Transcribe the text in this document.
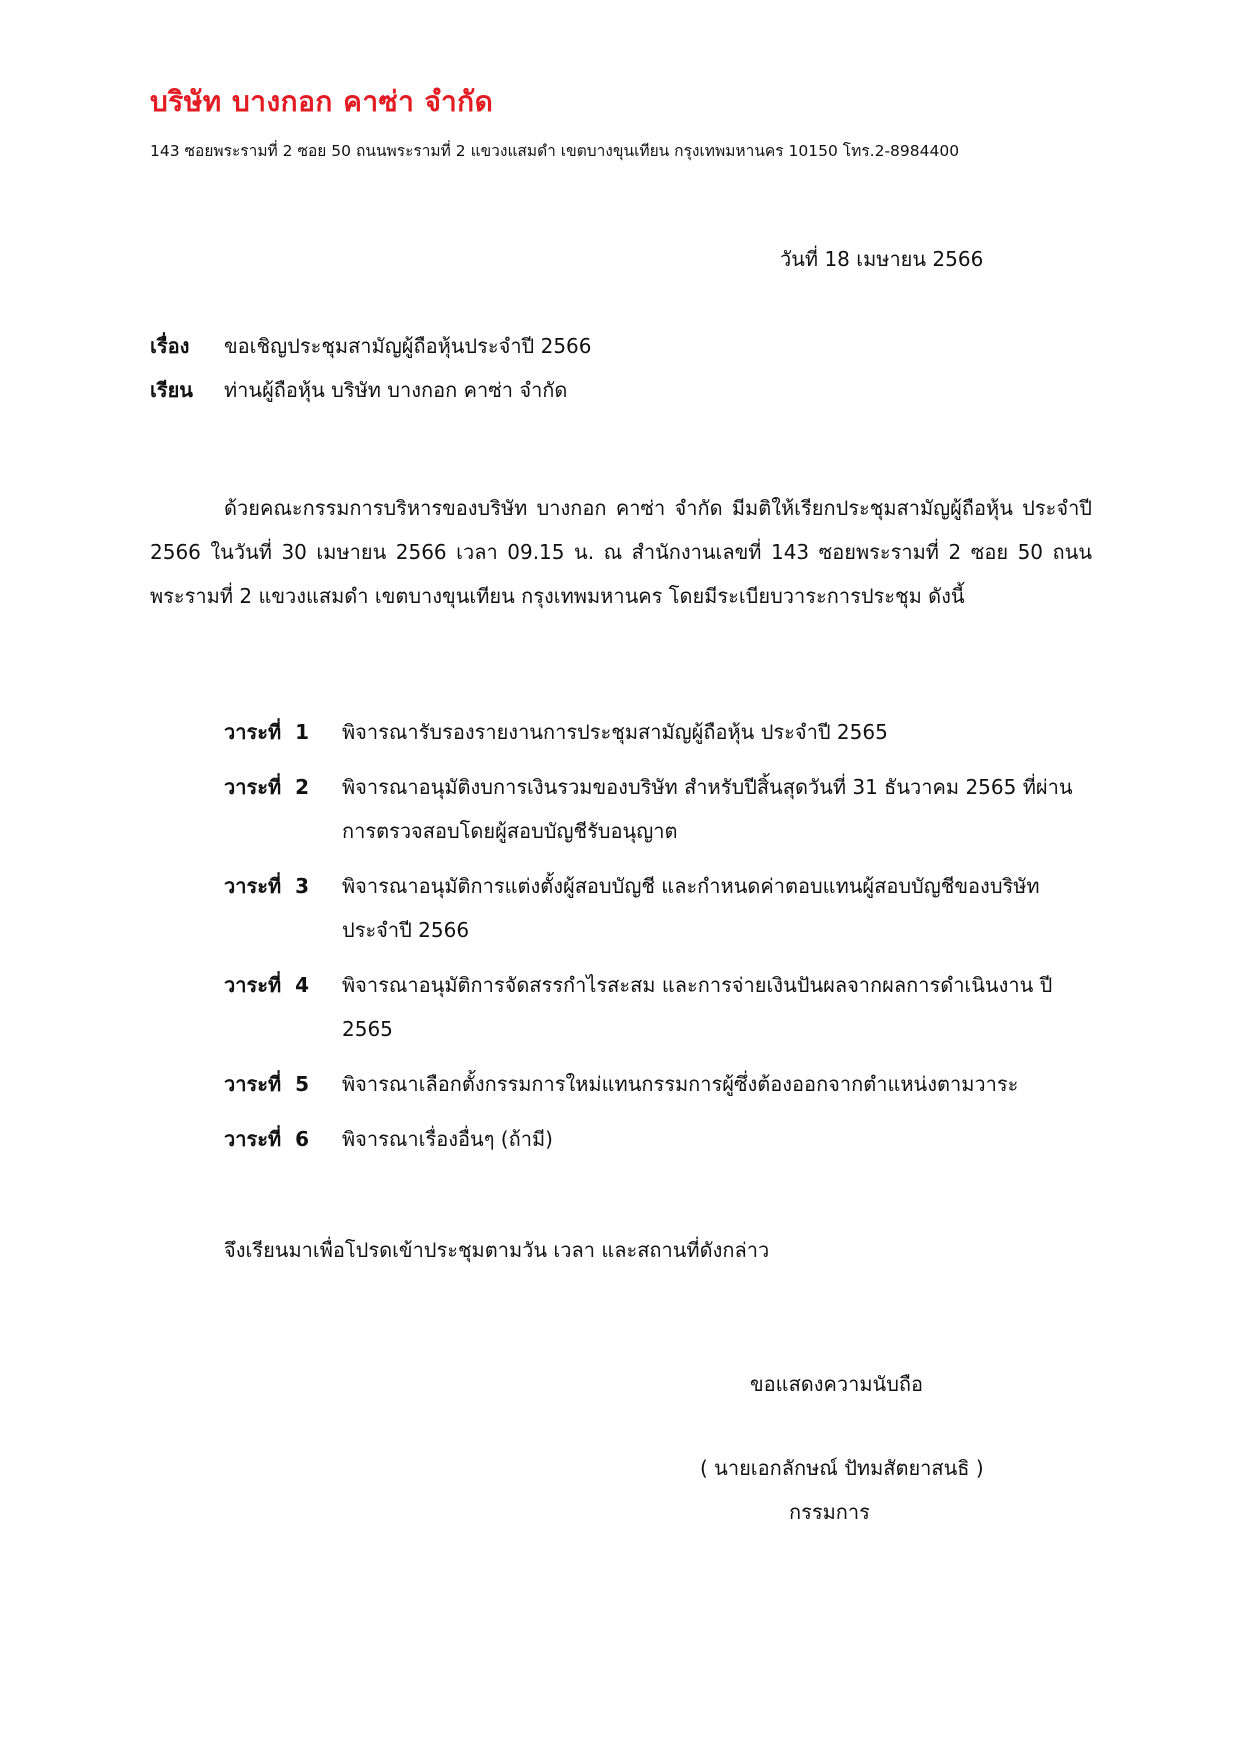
บริษัท บางกอก คาซ่า จำกัด
143 ซอยพระรามที่ 2 ซอย 50 ถนนพระรามที่ 2 แขวงแสมดำ เขตบางขุนเทียน กรุงเทพมหานคร 10150 โทร.2-8984400
วันที่ 18 เมษายน 2566
เรื่อง ขอเชิญประชุมสามัญผู้ถือหุ้นประจำปี 2566
เรียน ท่านผู้ถือหุ้น บริษัท บางกอก คาซ่า จำกัด
ด้วยคณะกรรมการบริหารของบริษัท บางกอก คาซ่า จำกัด มีมติให้เรียกประชุมสามัญผู้ถือหุ้น ประจำปี 2566 ในวันที่ 30 เมษายน 2566 เวลา 09.15 น. ณ สำนักงานเลขที่ 143 ซอยพระรามที่ 2 ซอย 50 ถนนพระรามที่ 2 แขวงแสมดำ เขตบางขุนเทียน กรุงเทพมหานคร โดยมีระเบียบวาระการประชุม ดังนี้
วาระที่ 1	พิจารณารับรองรายงานการประชุมสามัญผู้ถือหุ้น ประจำปี 2565
วาระที่ 2	พิจารณาอนุมัติงบการเงินรวมของบริษัท สำหรับปีสิ้นสุดวันที่ 31 ธันวาคม 2565 ที่ผ่านการตรวจสอบโดยผู้สอบบัญชีรับอนุญาต
วาระที่ 3	พิจารณาอนุมัติการแต่งตั้งผู้สอบบัญชี และกำหนดค่าตอบแทนผู้สอบบัญชีของบริษัท ประจำปี 2566
วาระที่ 4	พิจารณาอนุมัติการจัดสรรกำไรสะสม และการจ่ายเงินปันผลจากผลการดำเนินงาน ปี 2565
วาระที่ 5	พิจารณาเลือกตั้งกรรมการใหม่แทนกรรมการผู้ซึ่งต้องออกจากตำแหน่งตามวาระ
วาระที่ 6	พิจารณาเรื่องอื่นๆ (ถ้ามี)
จึงเรียนมาเพื่อโปรดเข้าประชุมตามวัน เวลา และสถานที่ดังกล่าว
ขอแสดงความนับถือ
( นายเอกลักษณ์ ปัทมสัตยาสนธิ )
กรรมการ
